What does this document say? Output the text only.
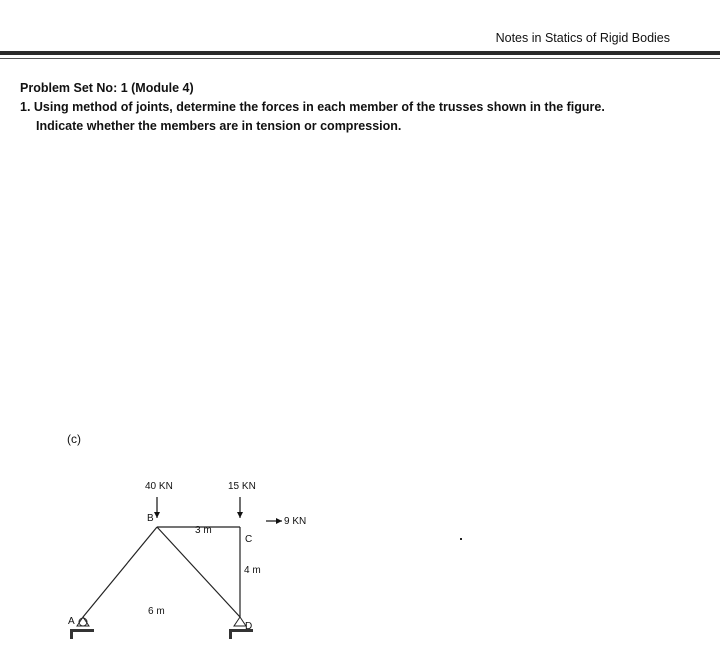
Notes in Statics of Rigid Bodies
Problem Set No: 1 (Module 4)
1. Using method of joints, determine the forces in each member of the trusses shown in the figure.
Indicate whether the members are in tension or compression.
(c)
40 KN	15 KN
9 KN
A
B
C
D
3 m
4 m
6 m
